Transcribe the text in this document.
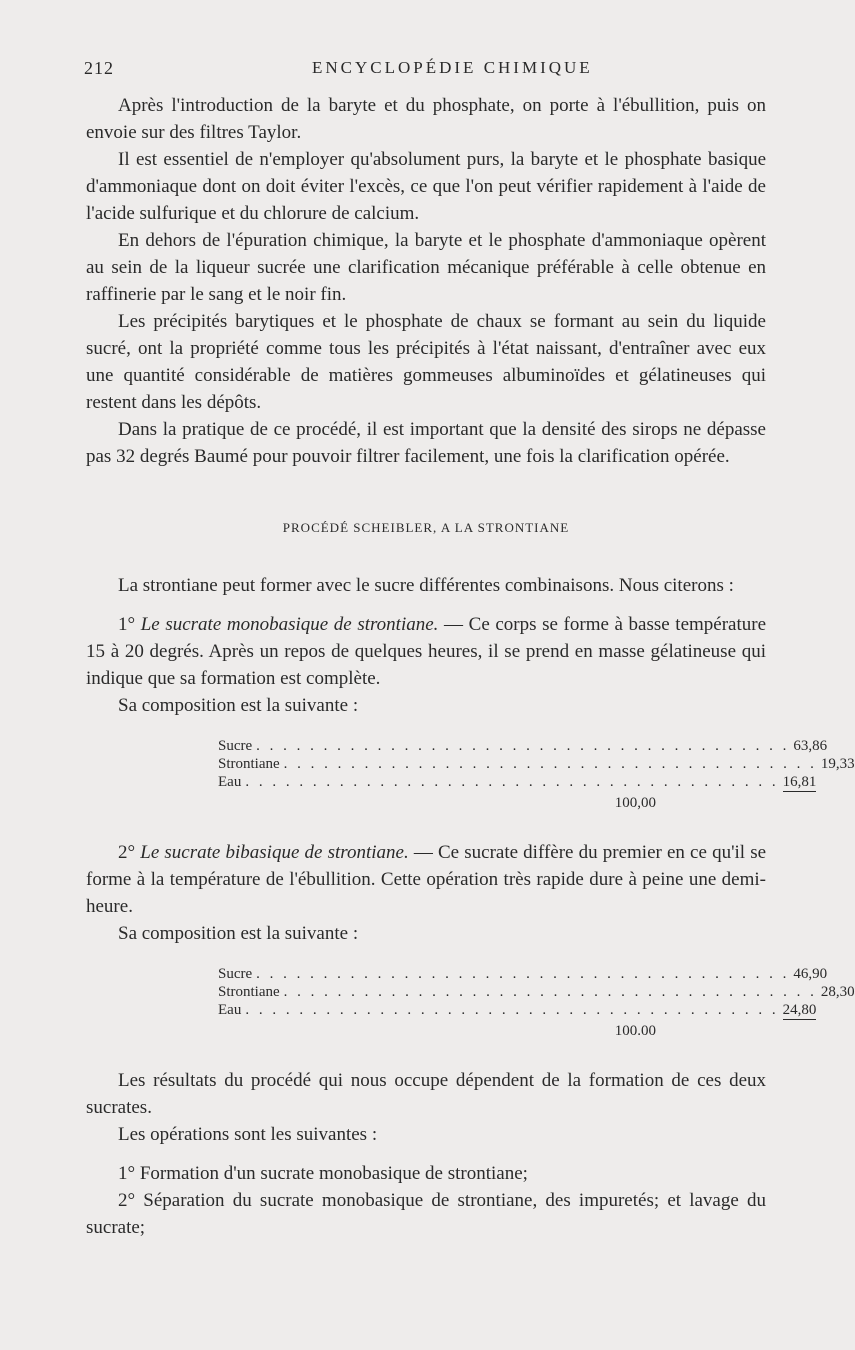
212	ENCYCLOPÉDIE CHIMIQUE

Après l'introduction de la baryte et du phosphate, on porte à l'ébullition, puis on envoie sur des filtres Taylor.

Il est essentiel de n'employer qu'absolument purs, la baryte et le phosphate basique d'ammoniaque dont on doit éviter l'excès, ce que l'on peut vérifier rapidement à l'aide de l'acide sulfurique et du chlorure de calcium.

En dehors de l'épuration chimique, la baryte et le phosphate d'ammoniaque opèrent au sein de la liqueur sucrée une clarification mécanique préférable à celle obtenue en raffinerie par le sang et le noir fin.

Les précipités barytiques et le phosphate de chaux se formant au sein du liquide sucré, ont la propriété comme tous les précipités à l'état naissant, d'entraîner avec eux une quantité considérable de matières gommeuses albuminoïdes et gélatineuses qui restent dans les dépôts.

Dans la pratique de ce procédé, il est important que la densité des sirops ne dépasse pas 32 degrés Baumé pour pouvoir filtrer facilement, une fois la clarification opérée.

PROCÉDÉ SCHEIBLER, A LA STRONTIANE

La strontiane peut former avec le sucre différentes combinaisons. Nous citerons :

1° Le sucrate monobasique de strontiane. — Ce corps se forme à basse température 15 à 20 degrés. Après un repos de quelques heures, il se prend en masse gélatineuse qui indique que sa formation est complète.

Sa composition est la suivante :

Sucre . . . . . . . . . . . . . . . . . . . . . . . . . . . . . . . . . . . . . . . . 63,86
Strontiane . . . . . . . . . . . . . . . . . . . . . . . . . . . . . . . . . . . . . . . . 19,33
Eau . . . . . . . . . . . . . . . . . . . . . . . . . . . . . . . . . . . . . . . . 16,81
100,00

2° Le sucrate bibasique de strontiane. — Ce sucrate diffère du premier en ce qu'il se forme à la température de l'ébullition. Cette opération très rapide dure à peine une demi-heure.

Sa composition est la suivante :

Sucre . . . . . . . . . . . . . . . . . . . . . . . . . . . . . . . . . . . . . . . . 46,90
Strontiane . . . . . . . . . . . . . . . . . . . . . . . . . . . . . . . . . . . . . . . . 28,30
Eau . . . . . . . . . . . . . . . . . . . . . . . . . . . . . . . . . . . . . . . . 24,80
100.00

Les résultats du procédé qui nous occupe dépendent de la formation de ces deux sucrates.

Les opérations sont les suivantes :

1° Formation d'un sucrate monobasique de strontiane;

2° Séparation du sucrate monobasique de strontiane, des impuretés; et lavage du sucrate;
